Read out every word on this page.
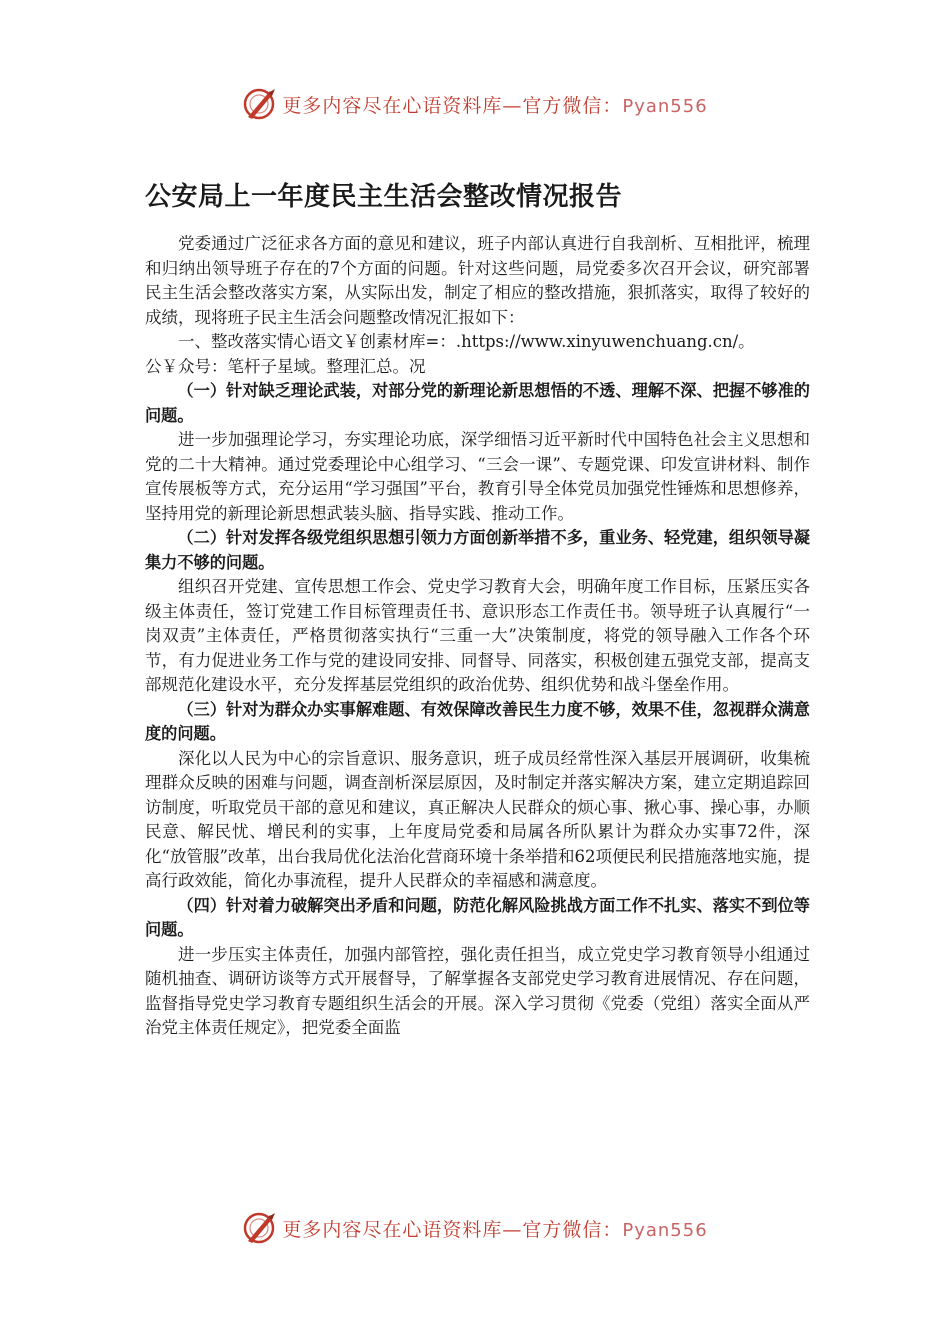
更多内容尽在心语资料库—官方微信：Pyan556
公安局上一年度民主生活会整改情况报告

党委通过广泛征求各方面的意见和建议，班子内部认真进行自我剖析、互相批评，梳理和归纳出领导班子存在的7个方面的问题。针对这些问题，局党委多次召开会议，研究部署民主生活会整改落实方案，从实际出发，制定了相应的整改措施，狠抓落实，取得了较好的成绩，现将班子民主生活会问题整改情况汇报如下：

一、整改落实情心语文￥创素材库=：.https://www.xinyuwenchuang.cn/。

公￥众号：笔杆子星域。整理汇总。况

（一）针对缺乏理论武装，对部分党的新理论新思想悟的不透、理解不深、把握不够准的问题。

进一步加强理论学习，夯实理论功底，深学细悟习近平新时代中国特色社会主义思想和党的二十大精神。通过党委理论中心组学习、“三会一课”、专题党课、印发宣讲材料、制作宣传展板等方式，充分运用“学习强国”平台，教育引导全体党员加强党性锤炼和思想修养，坚持用党的新理论新思想武装头脑、指导实践、推动工作。

（二）针对发挥各级党组织思想引领力方面创新举措不多，重业务、轻党建，组织领导凝集力不够的问题。

组织召开党建、宣传思想工作会、党史学习教育大会，明确年度工作目标，压紧压实各级主体责任，签订党建工作目标管理责任书、意识形态工作责任书。领导班子认真履行“一岗双责”主体责任，严格贯彻落实执行“三重一大”决策制度，将党的领导融入工作各个环节，有力促进业务工作与党的建设同安排、同督导、同落实，积极创建五强党支部，提高支部规范化建设水平，充分发挥基层党组织的政治优势、组织优势和战斗堡垒作用。

（三）针对为群众办实事解难题、有效保障改善民生力度不够，效果不佳，忽视群众满意度的问题。

深化以人民为中心的宗旨意识、服务意识，班子成员经常性深入基层开展调研，收集梳理群众反映的困难与问题，调查剖析深层原因，及时制定并落实解决方案，建立定期追踪回访制度，听取党员干部的意见和建议，真正解决人民群众的烦心事、揪心事、操心事，办顺民意、解民忧、增民利的实事，上年度局党委和局属各所队累计为群众办实事72件，深化“放管服”改革，出台我局优化法治化营商环境十条举措和62项便民利民措施落地实施，提高行政效能，简化办事流程，提升人民群众的幸福感和满意度。

（四）针对着力破解突出矛盾和问题，防范化解风险挑战方面工作不扎实、落实不到位等问题。

进一步压实主体责任，加强内部管控，强化责任担当，成立党史学习教育领导小组通过随机抽查、调研访谈等方式开展督导，了解掌握各支部党史学习教育进展情况、存在问题，监督指导党史学习教育专题组织生活会的开展。深入学习贯彻《党委（党组）落实全面从严治党主体责任规定》，把党委全面监

更多内容尽在心语资料库—官方微信：Pyan556
